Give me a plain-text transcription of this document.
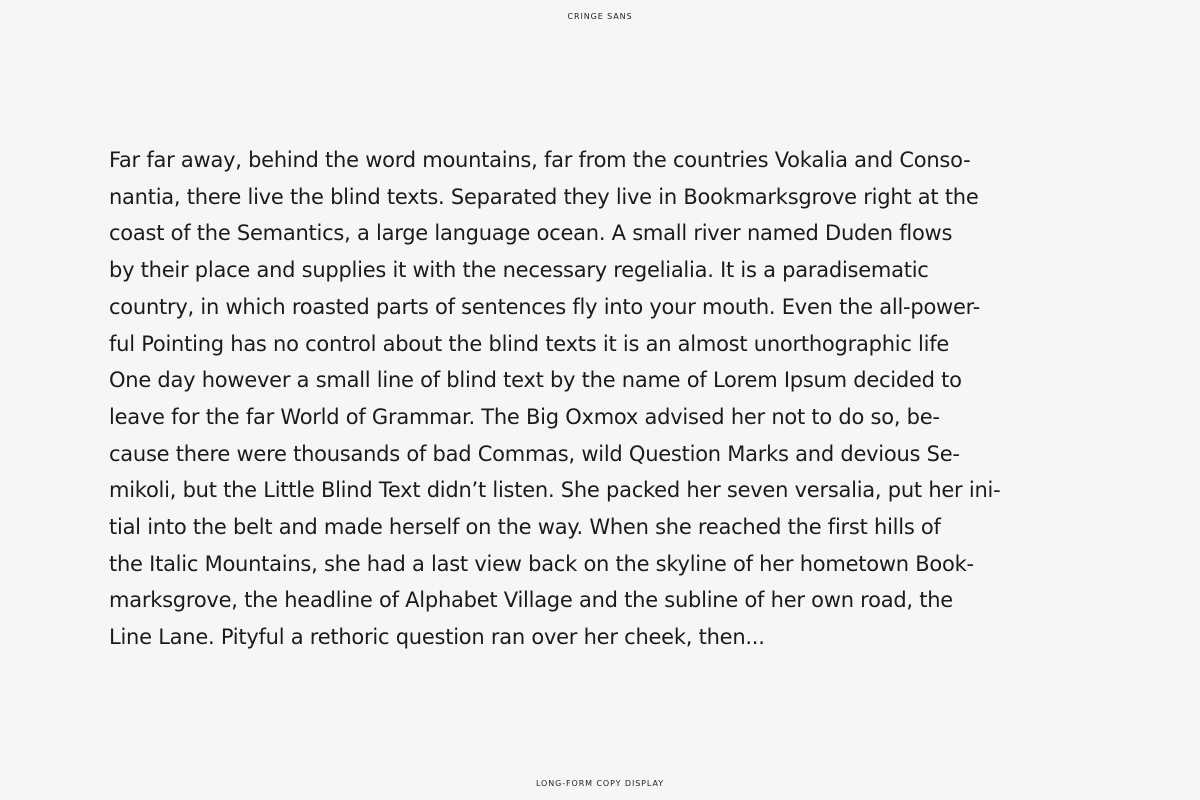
CRINGE SANS
Far far away, behind the word mountains, far from the countries Vokalia and Conso-
nantia, there live the blind texts. Separated they live in Bookmarksgrove right at the
coast of the Semantics, a large language ocean. A small river named Duden flows
by their place and supplies it with the necessary regelialia. It is a paradisematic
country, in which roasted parts of sentences fly into your mouth. Even the all-power-
ful Pointing has no control about the blind texts it is an almost unorthographic life
One day however a small line of blind text by the name of Lorem Ipsum decided to
leave for the far World of Grammar. The Big Oxmox advised her not to do so, be-
cause there were thousands of bad Commas, wild Question Marks and devious Se-
mikoli, but the Little Blind Text didn’t listen. She packed her seven versalia, put her ini-
tial into the belt and made herself on the way. When she reached the first hills of
the Italic Mountains, she had a last view back on the skyline of her hometown Book-
marksgrove, the headline of Alphabet Village and the subline of her own road, the
Line Lane. Pityful a rethoric question ran over her cheek, then...
LONG-FORM COPY DISPLAY
